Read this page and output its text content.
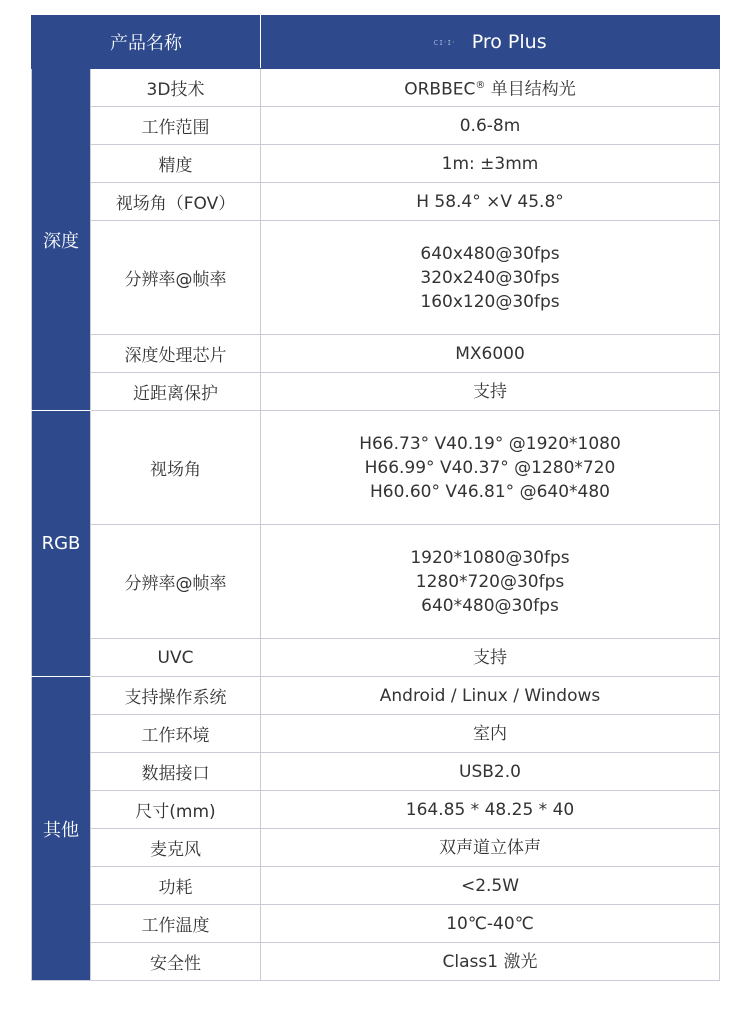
产品名称		ᴄɪ·ɪ· Pro Plus
深度	3D技术	ORBBEC® 单目结构光
	工作范围	0.6-8m
	精度	1m: ±3mm
	视场角（FOV）	H 58.4° ×V 45.8°
	分辨率@帧率	640x480@30fps
320x240@30fps
160x120@30fps

	深度处理芯片	MX6000
	近距离保护	支持
RGB	视场角	H66.73° V40.19° @1920*1080
H66.99° V40.37° @1280*720
H60.60° V46.81° @640*480

	分辨率@帧率	1920*1080@30fps
1280*720@30fps
640*480@30fps

	UVC	支持
其他	支持操作系统	Android / Linux / Windows
	工作环境	室内
	数据接口	USB2.0
	尺寸(mm)	164.85 * 48.25 * 40
	麦克风	双声道立体声
	功耗	<2.5W
	工作温度	10℃-40℃
	安全性	Class1 激光
